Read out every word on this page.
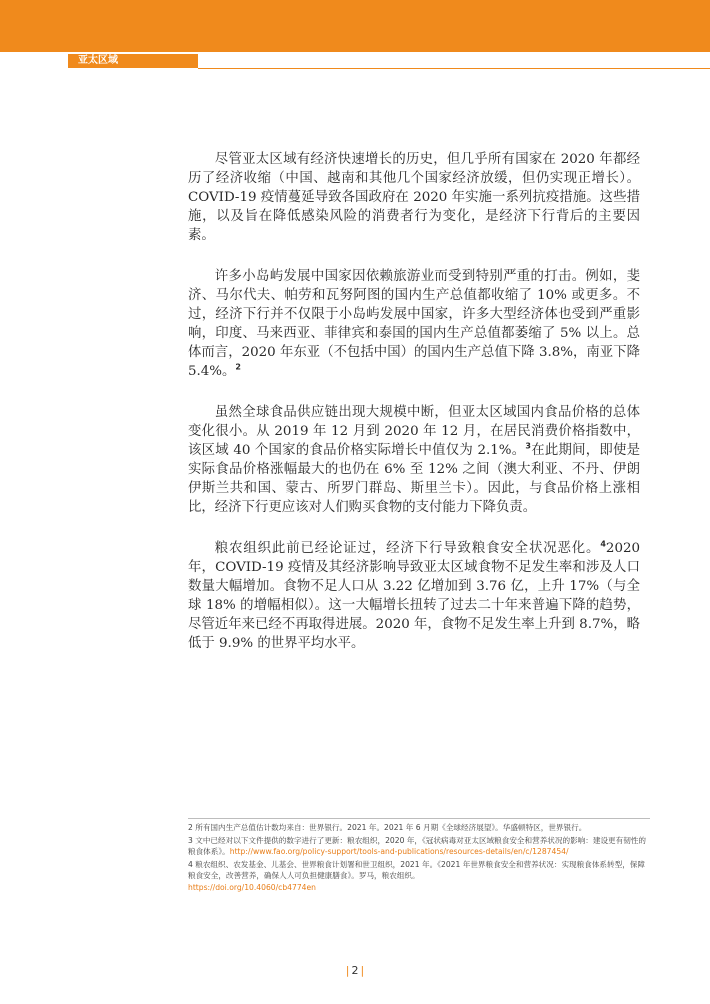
亚太区域

尽管亚太区域有经济快速增长的历史，但几乎所有国家在 2020 年都经历了经济收缩（中国、越南和其他几个国家经济放缓，但仍实现正增长）。COVID-19 疫情蔓延导致各国政府在 2020 年实施一系列抗疫措施。这些措施，以及旨在降低感染风险的消费者行为变化，是经济下行背后的主要因素。

许多小岛屿发展中国家因依赖旅游业而受到特别严重的打击。例如，斐济、马尔代夫、帕劳和瓦努阿图的国内生产总值都收缩了 10% 或更多。不过，经济下行并不仅限于小岛屿发展中国家，许多大型经济体也受到严重影响，印度、马来西亚、菲律宾和泰国的国内生产总值都萎缩了 5% 以上。总体而言，2020 年东亚（不包括中国）的国内生产总值下降 3.8%，南亚下降 5.4%。$^2$

虽然全球食品供应链出现大规模中断，但亚太区域国内食品价格的总体变化很小。从 2019 年 12 月到 2020 年 12 月，在居民消费价格指数中，该区域 40 个国家的食品价格实际增长中值仅为 2.1%。$^3$在此期间，即使是实际食品价格涨幅最大的也仍在 6% 至 12% 之间（澳大利亚、不丹、伊朗伊斯兰共和国、蒙古、所罗门群岛、斯里兰卡）。因此，与食品价格上涨相比，经济下行更应该对人们购买食物的支付能力下降负责。

粮农组织此前已经论证过，经济下行导致粮食安全状况恶化。$^4$2020 年，COVID-19 疫情及其经济影响导致亚太区域食物不足发生率和涉及人口数量大幅增加。食物不足人口从 3.22 亿增加到 3.76 亿，上升 17%（与全球 18% 的增幅相似）。这一大幅增长扭转了过去二十年来普遍下降的趋势，尽管近年来已经不再取得进展。2020 年，食物不足发生率上升到 8.7%，略低于 9.9% 的世界平均水平。

2 所有国内生产总值估计数均来自：世界银行。2021 年。2021 年 6 月期《全球经济展望》。华盛顿特区，世界银行。

3 文中已经对以下文件提供的数字进行了更新：粮农组织，2020 年，《冠状病毒对亚太区域粮食安全和营养状况的影响：建设更有韧性的粮食体系》。http://www.fao.org/policy-support/tools-and-publications/resources-details/en/c/1287454/

4 粮农组织、农发基金、儿基会、世界粮食计划署和世卫组织，2021 年。《2021 年世界粮食安全和营养状况：实现粮食体系转型，保障粮食安全，改善营养，确保人人可负担健康膳食》。罗马，粮农组织。
https://doi.org/10.4060/cb4774en

| 2 |
